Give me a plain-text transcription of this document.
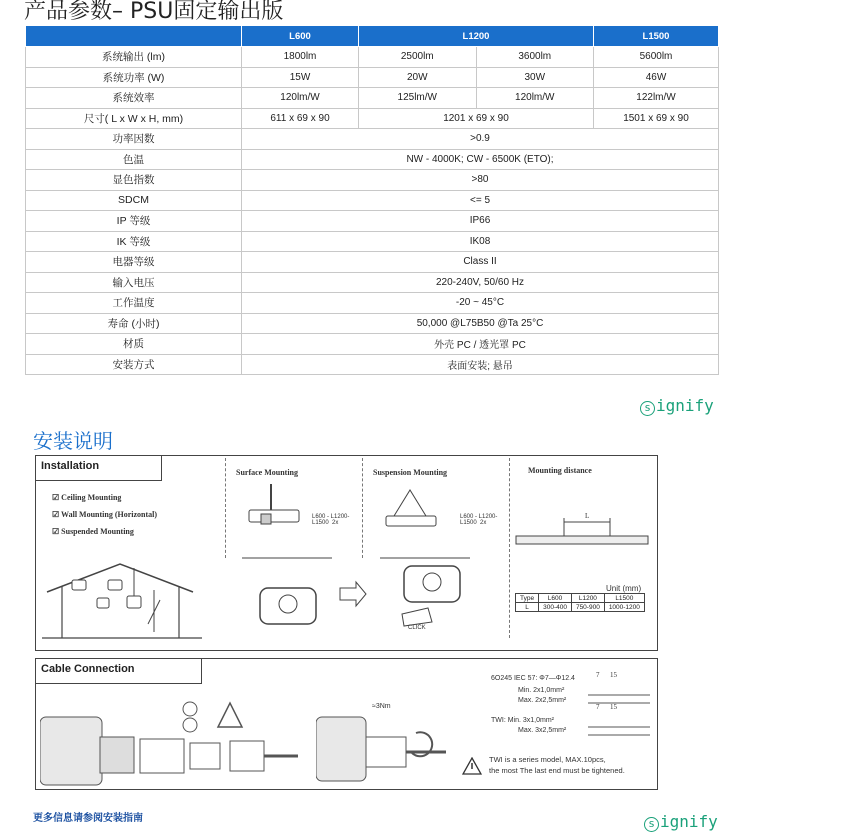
产品参数– PSU固定输出版
	L600	L1200		L1500
系统输出 (lm)	1800lm	2500lm	3600lm	5600lm
系统功率 (W)	15W	20W	30W	46W
系统效率	120lm/W	125lm/W	120lm/W	122lm/W
尺寸( L x W x H, mm)	611 x 69 x 90	1201 x 69 x 90		1501 x 69 x 90
功率因数	>0.9			
色温	NW - 4000K; CW - 6500K (ETO);			
显色指数	>80			
SDCM	<= 5			
IP 等级	IP66			
IK 等级	IK08			
电器等级	Class II			
输入电压	220-240V, 50/60 Hz			
工作温度	-20 ~ 45°C			
寿命 (小时)	50,000 @L75B50 @Ta 25°C			
材质	外壳 PC / 透光罩 PC			
安装方式	表面安装; 悬吊			
s ignify
安装说明
Installation
☑ Ceiling Mounting
☑ Wall Mounting (Horizontal)
☑ Suspended Mounting
Surface Mounting
L600 - L1200-
L1500  2x
Suspension Mounting
L600 - L1200-
L1500  2x
CLICK
Mounting distance
L
Unit (mm)
Type	L600	L1200	L1500
L	300-400	750-900	1000-1200
Cable Connection
≈3Nm
6O245 IEC 57: Φ7—Φ12.4
Min. 2x1,0mm²
Max. 2x2,5mm²
TWI: Min. 3x1,0mm²
Max. 3x2,5mm²
7 15
7 15
TWI is a series model, MAX.10pcs,
the most The last end must be tightened.
更多信息请参阅安装指南	s ignify
